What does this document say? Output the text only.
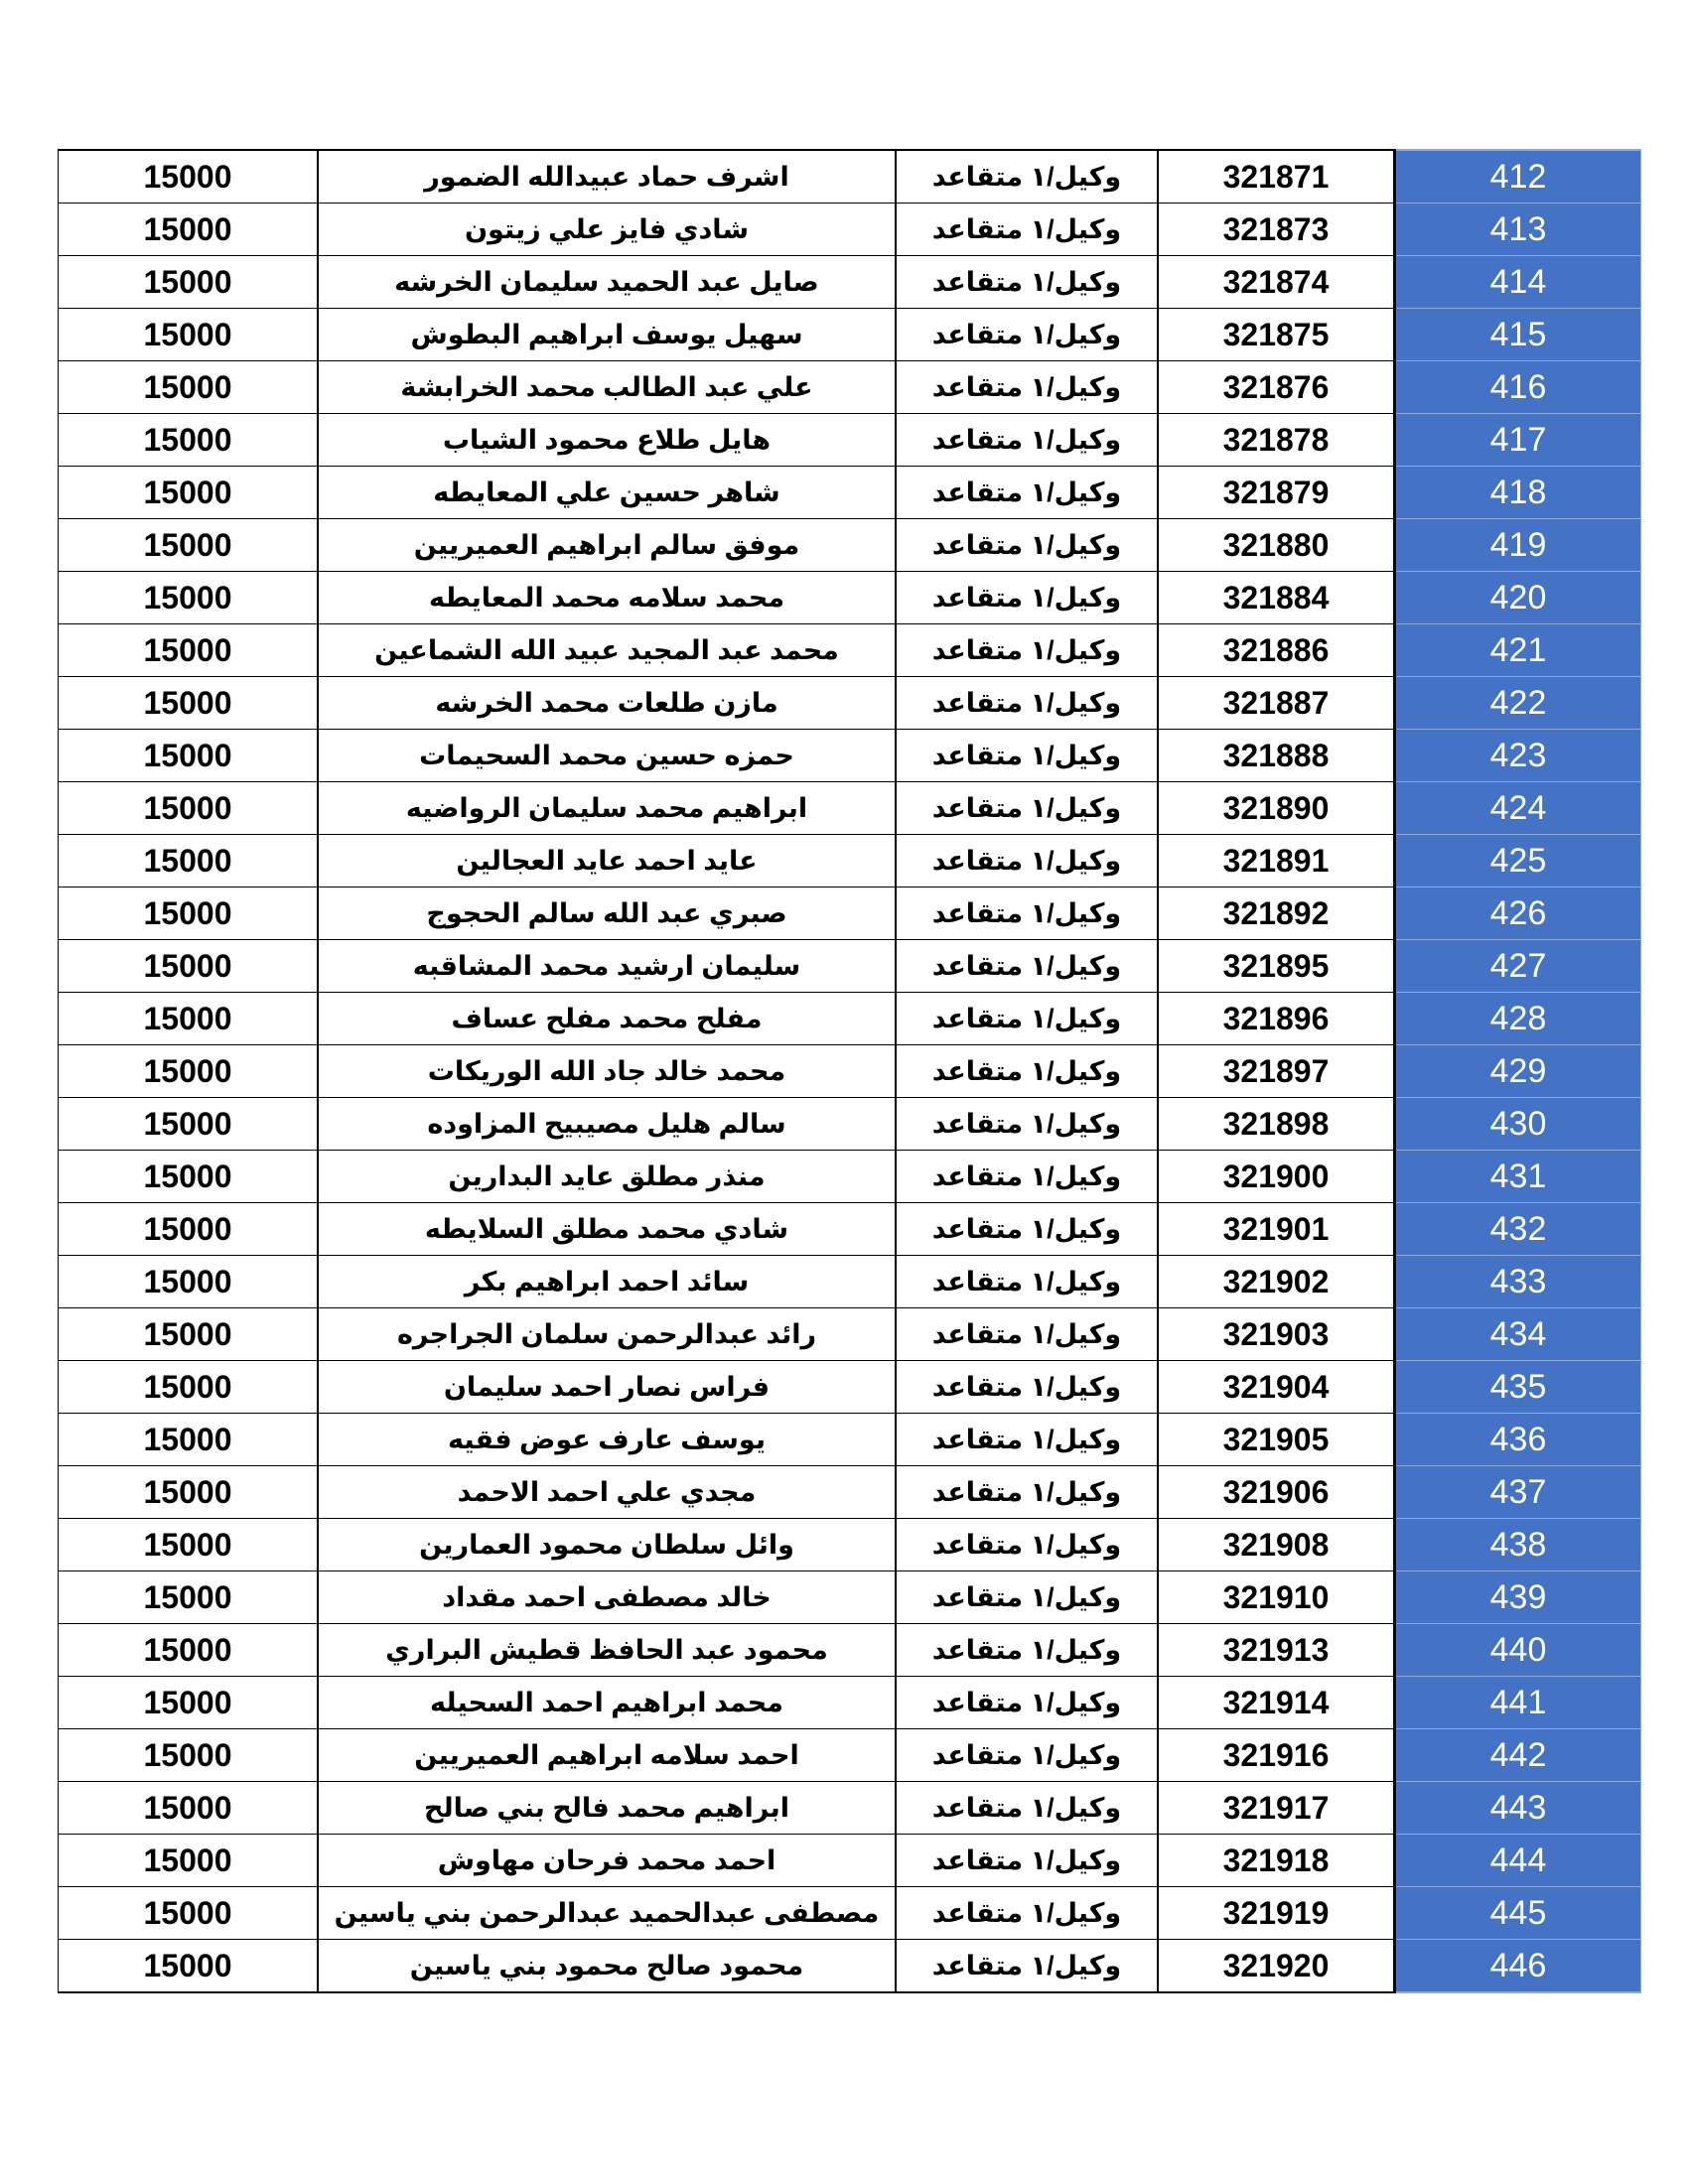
15000	اشرف حماد عبيدالله الضمور	وكيل/١ متقاعد	321871	412
15000	شادي فايز علي زيتون	وكيل/١ متقاعد	321873	413
15000	صايل عبد الحميد سليمان الخرشه	وكيل/١ متقاعد	321874	414
15000	سهيل يوسف ابراهيم البطوش	وكيل/١ متقاعد	321875	415
15000	علي عبد الطالب محمد الخرابشة	وكيل/١ متقاعد	321876	416
15000	هايل طلاع محمود الشياب	وكيل/١ متقاعد	321878	417
15000	شاهر حسين علي المعايطه	وكيل/١ متقاعد	321879	418
15000	موفق سالم ابراهيم العميريين	وكيل/١ متقاعد	321880	419
15000	محمد سلامه محمد المعايطه	وكيل/١ متقاعد	321884	420
15000	محمد عبد المجيد عبيد الله الشماعين	وكيل/١ متقاعد	321886	421
15000	مازن طلعات محمد الخرشه	وكيل/١ متقاعد	321887	422
15000	حمزه حسين محمد السحيمات	وكيل/١ متقاعد	321888	423
15000	ابراهيم محمد سليمان الرواضيه	وكيل/١ متقاعد	321890	424
15000	عايد احمد عايد العجالين	وكيل/١ متقاعد	321891	425
15000	صبري عبد الله سالم الحجوج	وكيل/١ متقاعد	321892	426
15000	سليمان ارشيد محمد المشاقبه	وكيل/١ متقاعد	321895	427
15000	مفلح محمد مفلح عساف	وكيل/١ متقاعد	321896	428
15000	محمد خالد جاد الله الوريكات	وكيل/١ متقاعد	321897	429
15000	سالم هليل مصيبيح المزاوده	وكيل/١ متقاعد	321898	430
15000	منذر مطلق عايد البدارين	وكيل/١ متقاعد	321900	431
15000	شادي محمد مطلق السلايطه	وكيل/١ متقاعد	321901	432
15000	سائد احمد ابراهيم بكر	وكيل/١ متقاعد	321902	433
15000	رائد عبدالرحمن سلمان الجراجره	وكيل/١ متقاعد	321903	434
15000	فراس نصار احمد سليمان	وكيل/١ متقاعد	321904	435
15000	يوسف عارف عوض فقيه	وكيل/١ متقاعد	321905	436
15000	مجدي علي احمد الاحمد	وكيل/١ متقاعد	321906	437
15000	وائل سلطان محمود العمارين	وكيل/١ متقاعد	321908	438
15000	خالد مصطفى احمد مقداد	وكيل/١ متقاعد	321910	439
15000	محمود عبد الحافظ قطيش البراري	وكيل/١ متقاعد	321913	440
15000	محمد ابراهيم احمد السحيله	وكيل/١ متقاعد	321914	441
15000	احمد سلامه ابراهيم العميريين	وكيل/١ متقاعد	321916	442
15000	ابراهيم محمد فالح بني صالح	وكيل/١ متقاعد	321917	443
15000	احمد محمد فرحان مهاوش	وكيل/١ متقاعد	321918	444
15000	مصطفى عبدالحميد عبدالرحمن بني ياسين	وكيل/١ متقاعد	321919	445
15000	محمود صالح محمود بني ياسين	وكيل/١ متقاعد	321920	446
